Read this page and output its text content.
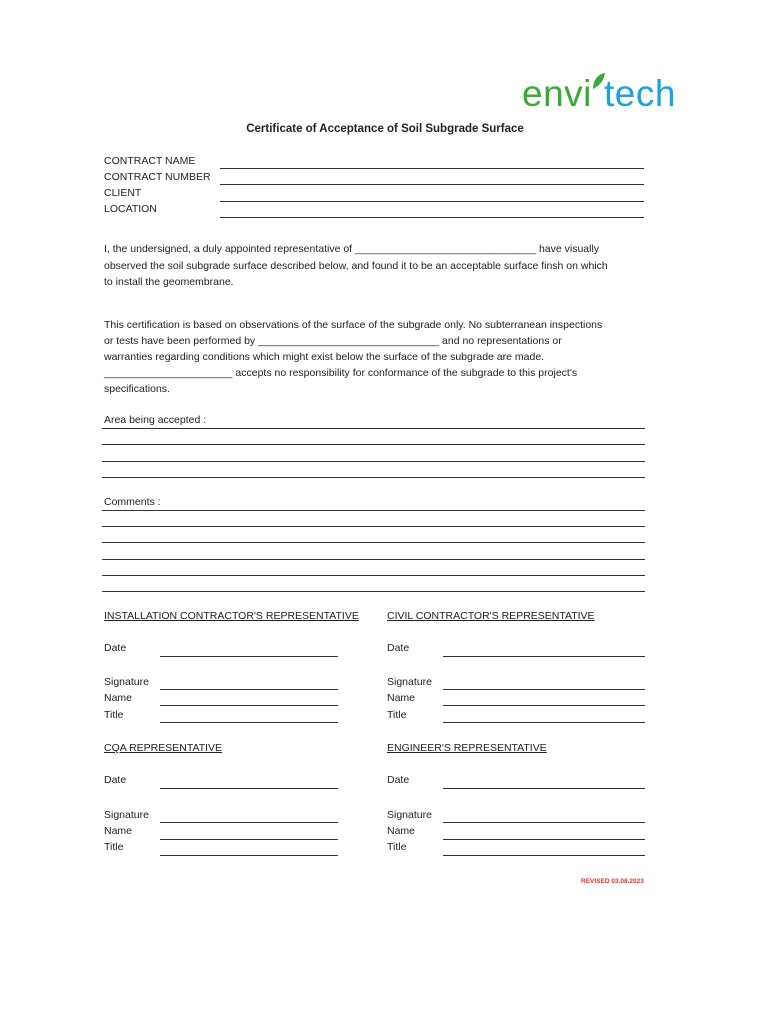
envi tech
Certificate of Acceptance of Soil Subgrade Surface
CONTRACT NAME
CONTRACT NUMBER
CLIENT
LOCATION
I, the undersigned, a duly appointed representative of _______________________________ have visually
observed the soil subgrade surface described below, and found it to be an acceptable surface finsh on which
to install the geomembrane.
This certification is based on observations of the surface of the subgrade only. No subterranean inspections
or tests have been performed by _______________________________ and no representations or
warranties regarding conditions which might exist below the surface of the subgrade are made.
______________________ accepts no responsibility for conformance of the subgrade to this project's
specifications.
Area being accepted :
Comments :
INSTALLATION CONTRACTOR'S REPRESENTATIVE
Date
Signature
Name
Title
CIVIL CONTRACTOR'S REPRESENTATIVE
Date
Signature
Name
Title
CQA REPRESENTATIVE
Date
Signature
Name
Title
ENGINEER'S REPRESENTATIVE
Date
Signature
Name
Title
REVISED 03.08.2023
